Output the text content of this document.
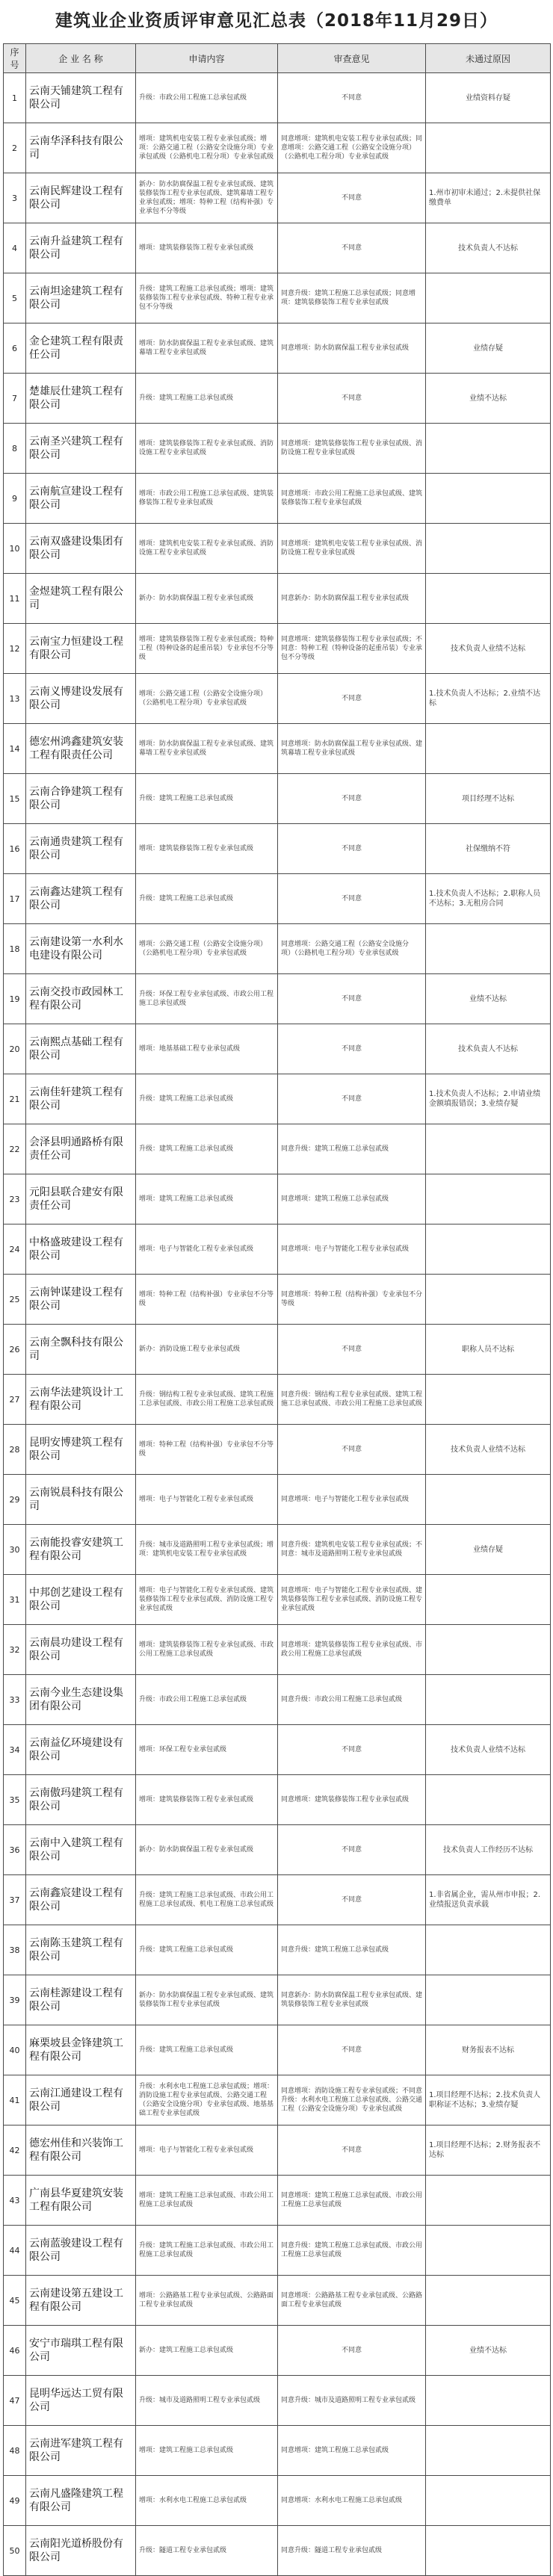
建筑业企业资质评审意见汇总表（2018年11月29日）
序号	企 业 名 称	申请内容	审查意见	未通过原因
1	云南天铺建筑工程有限公司	升级：市政公用工程施工总承包贰级	不同意	业绩资料存疑
2	云南华泽科技有限公司	增项：建筑机电安装工程专业承包贰级；增项：公路交通工程（公路安全设施分项）专业承包贰级（公路机电工程分项）专业承包贰级	同意增项：建筑机电安装工程专业承包贰级；同意增项：公路交通工程（公路安全设施分项）（公路机电工程分项）专业承包贰级	
3	云南民辉建设工程有限公司	新办：防水防腐保温工程专业承包贰级、建筑装修装饰工程专业承包贰级、建筑幕墙工程专业承包贰级；增项：特种工程（结构补强）专业承包不分等级	不同意	1.州市初审未通过；2.未提供社保缴费单
4	云南升益建筑工程有限公司	增项：建筑装修装饰工程专业承包贰级	不同意	技术负责人不达标
5	云南坦途建筑工程有限公司	升级：建筑工程施工总承包贰级；增项：建筑装修装饰工程专业承包贰级、特种工程专业承包不分等级	同意升级：建筑工程施工总承包贰级；同意增项：建筑装修装饰工程专业承包贰级	
6	金仑建筑工程有限责任公司	增项：防水防腐保温工程专业承包贰级、建筑幕墙工程专业承包贰级	同意增项：防水防腐保温工程专业承包贰级	业绩存疑
7	楚雄辰仕建筑工程有限公司	升级：建筑工程施工总承包贰级	不同意	业绩不达标
8	云南圣兴建筑工程有限公司	增项：建筑装修装饰工程专业承包贰级、消防设施工程专业承包贰级	同意增项：建筑装修装饰工程专业承包贰级、消防设施工程专业承包贰级	
9	云南航宣建设工程有限公司	增项：市政公用工程施工总承包贰级、建筑装修装饰工程专业承包贰级	同意增项：市政公用工程施工总承包贰级、建筑装修装饰工程专业承包贰级	
10	云南双盛建设集团有限公司	增项：建筑机电安装工程专业承包贰级、消防设施工程专业承包贰级	同意增项：建筑机电安装工程专业承包贰级、消防设施工程专业承包贰级	
11	金煜建筑工程有限公司	新办：防水防腐保温工程专业承包贰级	同意新办：防水防腐保温工程专业承包贰级	
12	云南宝力恒建设工程有限公司	增项：建筑装修装饰工程专业承包贰级；特种工程（特种设备的起重吊装）专业承包不分等级	同意增项：建筑装修装饰工程专业承包贰级；不同意：特种工程（特种设备的起重吊装）专业承包不分等级	技术负责人业绩不达标
13	云南义博建设发展有限公司	增项：公路交通工程（公路安全设施分项）（公路机电工程分项）专业承包贰级	不同意	1.技术负责人不达标；2.业绩不达标
14	德宏州鸿鑫建筑安装工程有限责任公司	增项：防水防腐保温工程专业承包贰级、建筑幕墙工程专业承包贰级	同意增项：防水防腐保温工程专业承包贰级、建筑幕墙工程专业承包贰级	
15	云南合铮建筑工程有限公司	升级：建筑工程施工总承包贰级	不同意	项目经理不达标
16	云南通贵建筑工程有限公司	增项：建筑装修装饰工程专业承包贰级	不同意	社保缴纳不符
17	云南鑫达建筑工程有限公司	升级：建筑工程施工总承包贰级	不同意	1.技术负责人不达标；2.职称人员不达标；3.无租房合同
18	云南建设第一水利水电建设有限公司	增项：公路交通工程（公路安全设施分项）（公路机电工程分项）专业承包贰级	同意增项：公路交通工程（公路安全设施分项）（公路机电工程分项）专业承包贰级	
19	云南交投市政园林工程有限公司	升级：环保工程专业承包贰级、市政公用工程施工总承包贰级	不同意	业绩不达标
20	云南熙点基础工程有限公司	增项：地基基础工程专业承包贰级	不同意	技术负责人不达标
21	云南佳轩建筑工程有限公司	升级：建筑工程施工总承包贰级	不同意	1.技术负责人不达标；2.申请业绩金额填报错误；3.业绩存疑
22	会泽县明通路桥有限责任公司	升级：建筑工程施工总承包贰级	同意升级：建筑工程施工总承包贰级	
23	元阳县联合建安有限责任公司	增项：建筑工程施工总承包贰级	同意增项：建筑工程施工总承包贰级	
24	中格盛玻建设工程有限公司	增项：电子与智能化工程专业承包贰级	同意增项：电子与智能化工程专业承包贰级	
25	云南钟谋建设工程有限公司	增项：特种工程（结构补强）专业承包不分等级	同意增项：特种工程（结构补强）专业承包不分等级	
26	云南全飘科技有限公司	新办：消防设施工程专业承包贰级	不同意	职称人员不达标
27	云南华法建筑设计工程有限公司	升级：钢结构工程专业承包贰级、建筑工程施工总承包贰级、市政公用工程施工总承包贰级	同意升级：钢结构工程专业承包贰级、建筑工程施工总承包贰级、市政公用工程施工总承包贰级	
28	昆明安博建筑工程有限公司	增项：特种工程（结构补强）专业承包不分等级	不同意	技术负责人业绩不达标
29	云南锐晨科技有限公司	增项：电子与智能化工程专业承包贰级	同意增项：电子与智能化工程专业承包贰级	
30	云南能投睿安建筑工程有限公司	升级：城市及道路照明工程专业承包贰级；增项：建筑机电安装工程专业承包贰级	同意升级：建筑机电安装工程专业承包贰级；不同意：城市及道路照明工程专业承包贰级	业绩存疑
31	中邦创艺建设工程有限公司	增项：电子与智能化工程专业承包贰级、建筑装修装饰工程专业承包贰级、消防设施工程专业承包贰级	同意增项：电子与智能化工程专业承包贰级、建筑装修装饰工程专业承包贰级、消防设施工程专业承包贰级	
32	云南晨功建设工程有限公司	增项：建筑装修装饰工程专业承包贰级、市政公用工程施工总承包贰级	同意增项：建筑装修装饰工程专业承包贰级、市政公用工程施工总承包贰级	
33	云南今业生态建设集团有限公司	升级：市政公用工程施工总承包贰级	同意升级：市政公用工程施工总承包贰级	
34	云南益亿环境建设有限公司	增项：环保工程专业承包贰级	不同意	技术负责人业绩不达标
35	云南傲玛建筑工程有限公司	增项：建筑装修装饰工程专业承包贰级	同意增项：建筑装修装饰工程专业承包贰级	
36	云南中入建筑工程有限公司	新办：防水防腐保温工程专业承包贰级	不同意	技术负责人工作经历不达标
37	云南鑫宸建设工程有限公司	升级：建筑工程施工总承包贰级、市政公用工程施工总承包贰级、机电工程施工总承包贰级	不同意	1.非省属企业，需从州市申报；2.业绩报送负责承载
38	云南陈玉建筑工程有限公司	升级：建筑工程施工总承包贰级	同意升级：建筑工程施工总承包贰级	
39	云南桂源建设工程有限公司	新办：防水防腐保温工程专业承包贰级、建筑装修装饰工程专业承包贰级	同意新办：防水防腐保温工程专业承包贰级、建筑装修装饰工程专业承包贰级	
40	麻栗坡县金锋建筑工程有限公司	升级：建筑工程施工总承包贰级	不同意	财务报表不达标
41	云南江通建设工程有限公司	升级：水利水电工程施工总承包贰级；增项：消防设施工程专业承包贰级、公路交通工程（公路安全设施分项）专业承包贰级、地基基础工程专业承包贰级	同意增项：消防设施工程专业承包贰级；不同意升级：水利水电工程施工总承包贰级、公路交通工程（公路安全设施分项）专业承包贰级	1.项目经理不达标；2.技术负责人职称证不达标；3.业绩存疑
42	德宏州佳和兴装饰工程有限公司	增项：电子与智能化工程专业承包贰级	不同意	1.项目经理不达标；2.财务报表不达标
43	广南县华夏建筑安装工程有限公司	增项：建筑工程施工总承包贰级、市政公用工程施工总承包贰级	同意增项：建筑工程施工总承包贰级、市政公用工程施工总承包贰级	
44	云南蓝骏建设工程有限公司	升级：建筑工程施工总承包贰级、市政公用工程施工总承包贰级	同意升级：建筑工程施工总承包贰级、市政公用工程施工总承包贰级	
45	云南建设第五建设工程有限公司	增项：公路路基工程专业承包贰级、公路路面工程专业承包贰级	同意增项：公路路基工程专业承包贰级、公路路面工程专业承包贰级	
46	安宁市瑞琪工程有限公司	新办：建筑工程施工总承包贰级	不同意	业绩不达标
47	昆明华远达工贸有限公司	升级：城市及道路照明工程专业承包贰级	同意升级：城市及道路照明工程专业承包贰级	
48	云南进军建筑工程有限公司	增项：建筑工程施工总承包贰级	同意增项：建筑工程施工总承包贰级	
49	云南凡盛隆建筑工程有限公司	增项：水利水电工程施工总承包贰级	同意增项：水利水电工程施工总承包贰级	
50	云南阳光道桥股份有限公司	升级：隧道工程专业承包贰级	同意升级：隧道工程专业承包贰级	
